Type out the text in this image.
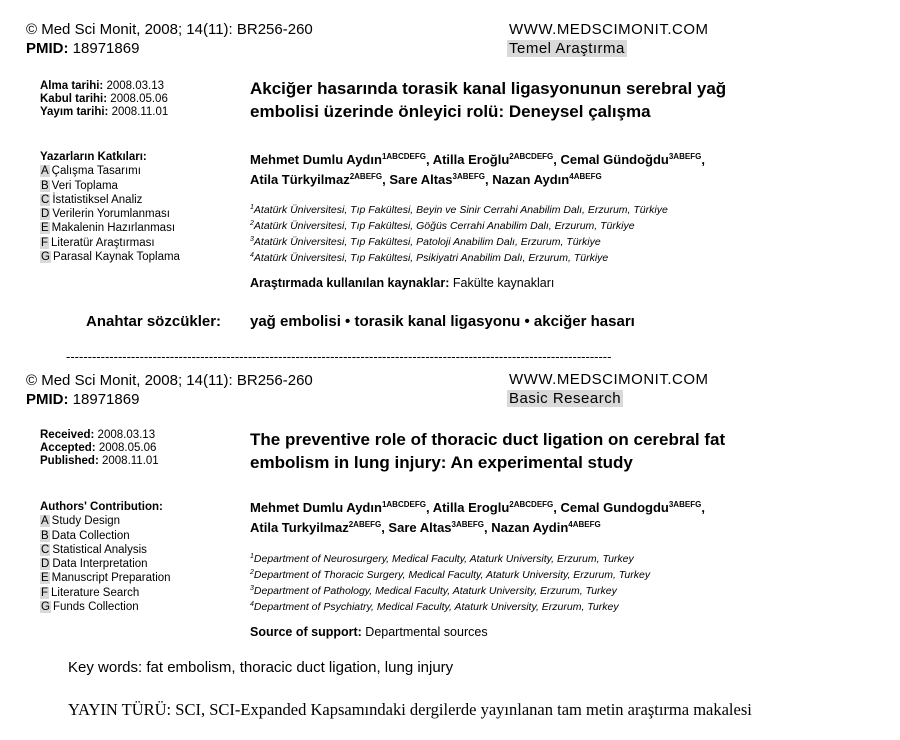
© Med Sci Monit, 2008; 14(11): BR256-260
PMID: 18971869
WWW.MEDSCIMONIT.COM
Temel Araştırma
Alma tarihi: 2008.03.13
Kabul tarihi: 2008.05.06
Yayım tarihi: 2008.11.01
Akciğer hasarında torasik kanal ligasyonunun serebral yağ
embolisi üzerinde önleyici rolü: Deneysel çalışma
Mehmet Dumlu Aydın$^{1ABCDEFG}$, Atilla Eroğlu$^{2ABCDEFG}$, Cemal Gündoğdu$^{3ABEFG}$,
Atila Türkyilmaz$^{2ABEFG}$, Sare Altas$^{3ABEFG}$, Nazan Aydın$^{4ABEFG}$
Yazarların Katkıları:
A Çalışma Tasarımı
B Veri Toplama
C İstatistiksel Analiz
D Verilerin Yorumlanması
E Makalenin Hazırlanması
F Literatür Araştırması
G Parasal Kaynak Toplama
$^1$Atatürk Üniversitesi, Tıp Fakültesi, Beyin ve Sinir Cerrahi Anabilim Dalı, Erzurum, Türkiye
$^2$Atatürk Üniversitesi, Tıp Fakültesi, Göğüs Cerrahi Anabilim Dalı, Erzurum, Türkiye
$^3$Atatürk Üniversitesi, Tıp Fakültesi, Patoloji Anabilim Dalı, Erzurum, Türkiye
$^4$Atatürk Üniversitesi, Tıp Fakültesi, Psikiyatri Anabilim Dalı, Erzurum, Türkiye
Araştırmada kullanılan kaynaklar: Fakülte kaynakları
Anahtar sözcükler: yağ embolisi • torasik kanal ligasyonu • akciğer hasarı
------------------------------------------------------------------------------------------------------------------------------
© Med Sci Monit, 2008; 14(11): BR256-260
PMID: 18971869
WWW.MEDSCIMONIT.COM
Basic Research
Received: 2008.03.13
Accepted: 2008.05.06
Published: 2008.11.01
The preventive role of thoracic duct ligation on cerebral fat
embolism in lung injury: An experimental study
Mehmet Dumlu Aydın$^{1ABCDEFG}$, Atilla Eroglu$^{2ABCDEFG}$, Cemal Gundogdu$^{3ABEFG}$,
Atila Turkyilmaz$^{2ABEFG}$, Sare Altas$^{3ABEFG}$, Nazan Aydin$^{4ABEFG}$
Authors' Contribution:
A Study Design
B Data Collection
C Statistical Analysis
D Data Interpretation
E Manuscript Preparation
F Literature Search
G Funds Collection
$^1$Department of Neurosurgery, Medical Faculty, Ataturk University, Erzurum, Turkey
$^2$Department of Thoracic Surgery, Medical Faculty, Ataturk University, Erzurum, Turkey
$^3$Department of Pathology, Medical Faculty, Ataturk University, Erzurum, Turkey
$^4$Department of Psychiatry, Medical Faculty, Ataturk University, Erzurum, Turkey
Source of support: Departmental sources
Key words: fat embolism, thoracic duct ligation, lung injury
YAYIN TÜRÜ: SCI, SCI-Expanded Kapsamındaki dergilerde yayınlanan tam metin araştırma makalesi
